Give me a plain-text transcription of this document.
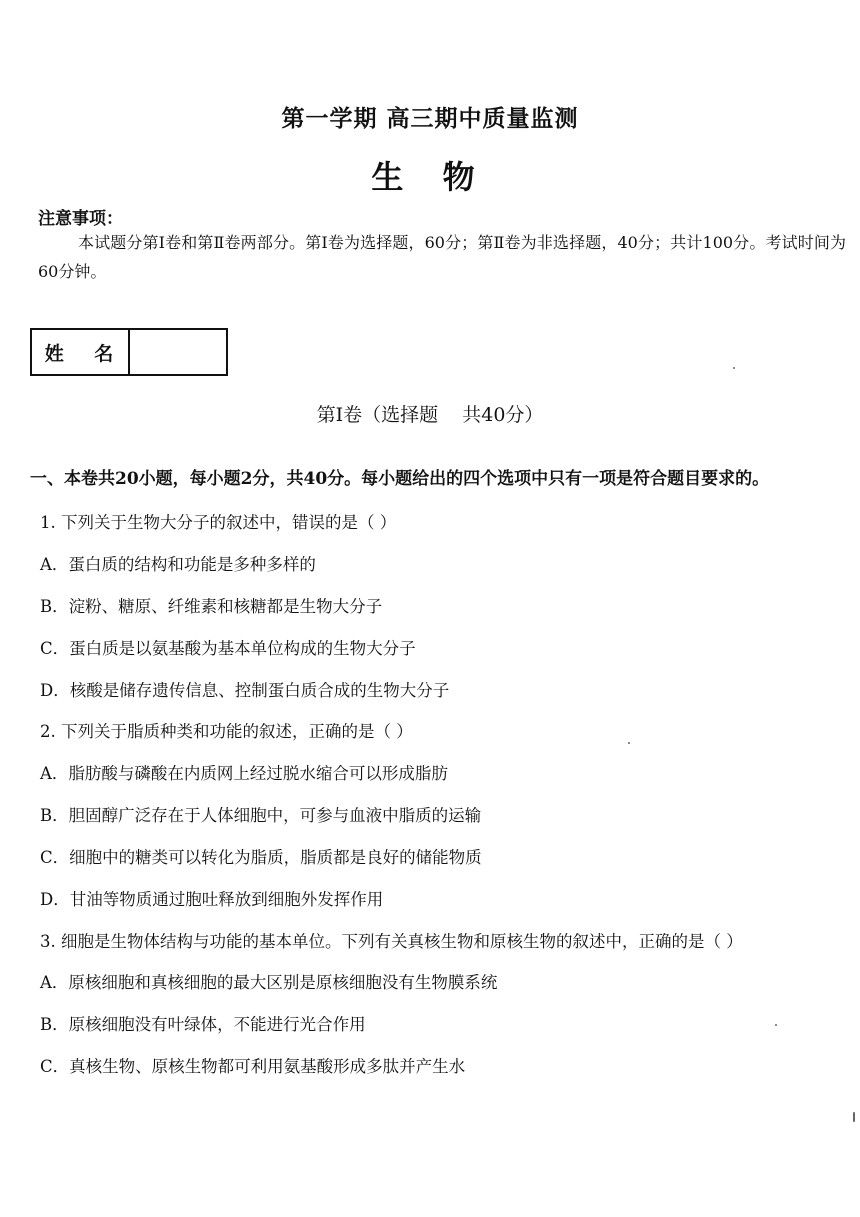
第一学期 高三期中质量监测
生 物
注意事项：
本试题分第Ⅰ卷和第Ⅱ卷两部分。第Ⅰ卷为选择题，60分；第Ⅱ卷为非选择题，40分；共计100分。考试时间为60分钟。
姓 名
第Ⅰ卷（选择题    共40分）
一、本卷共20小题，每小题2分，共40分。每小题给出的四个选项中只有一项是符合题目要求的。
1. 下列关于生物大分子的叙述中，错误的是（ ）
A．蛋白质的结构和功能是多种多样的
B．淀粉、糖原、纤维素和核糖都是生物大分子
C．蛋白质是以氨基酸为基本单位构成的生物大分子
D．核酸是储存遗传信息、控制蛋白质合成的生物大分子
2. 下列关于脂质种类和功能的叙述，正确的是（ ）
A．脂肪酸与磷酸在内质网上经过脱水缩合可以形成脂肪
B．胆固醇广泛存在于人体细胞中，可参与血液中脂质的运输
C．细胞中的糖类可以转化为脂质，脂质都是良好的储能物质
D．甘油等物质通过胞吐释放到细胞外发挥作用
3. 细胞是生物体结构与功能的基本单位。下列有关真核生物和原核生物的叙述中，正确的是（ ）
A．原核细胞和真核细胞的最大区别是原核细胞没有生物膜系统
B．原核细胞没有叶绿体，不能进行光合作用
C．真核生物、原核生物都可利用氨基酸形成多肽并产生水
